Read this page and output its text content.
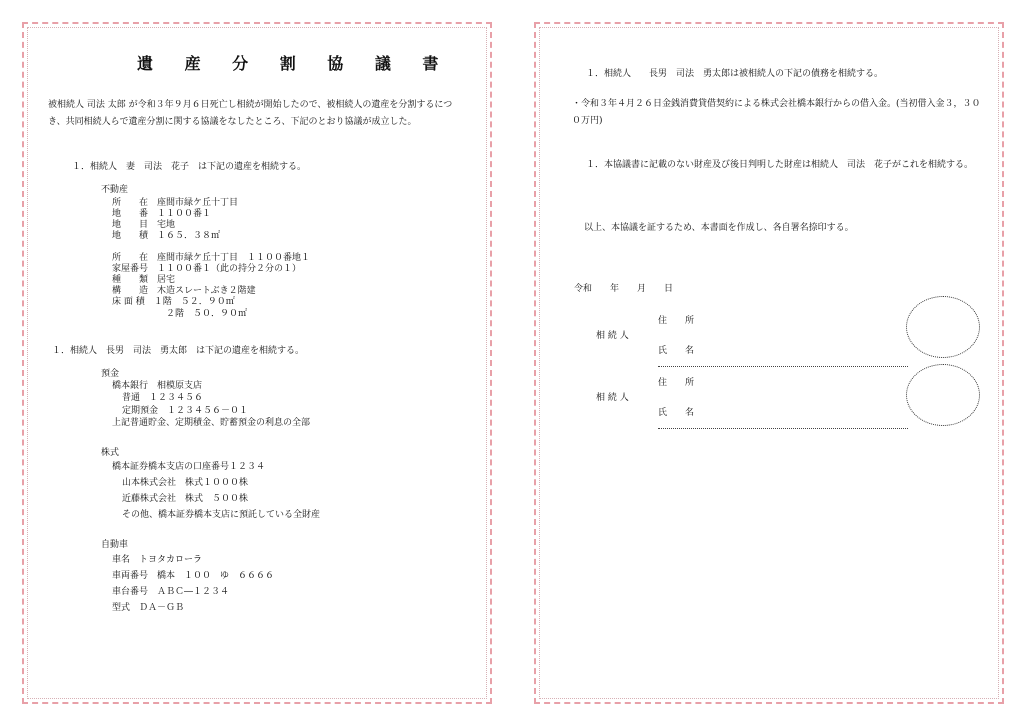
遺 産 分 割 協 議 書
被相続人 司法 太郎 が令和３年９月６日死亡し相続が開始したので、被相続人の遺産を分割するにつき、共同相続人らで遺産分割に関する協議をなしたところ、下記のとおり協議が成立した。
１．相続人　妻　司法　花子　は下記の遺産を相続する。
不動産
所　　在　座間市緑ケ丘十丁目
地　　番　１１００番１
地　　目　宅地
地　　積　１６５．３８㎡
所　　在　座間市緑ケ丘十丁目　１１００番地１
家屋番号　１１００番１（此の持分２分の１）
種　　類　居宅
構　　造　木造スレートぶき２階建
床 面 積　１階　５２．９０㎡
２階　５０．９０㎡
１．相続人　長男　司法　勇太郎　は下記の遺産を相続する。
預金
橋本銀行　相模原支店
普通　１２３４５６
定期預金　１２３４５６－０１
上記普通貯金、定期積金、貯蓄預金の利息の全部
株式
橋本証券橋本支店の口座番号１２３４
山本株式会社　株式１０００株
近藤株式会社　株式　５００株
その他、橋本証券橋本支店に預託している全財産
自動車
車名　トヨタカローラ
車両番号　橋本　１００　ゆ　６６６６
車台番号　ＡＢＣ―１２３４
型式　ＤＡ－ＧＢ
１．相続人　　長男　司法　勇太郎は被相続人の下記の債務を相続する。
・令和３年４月２６日金銭消費貸借契約による株式会社橋本銀行からの借入金。(当初借入金３，３００万円)
１．本協議書に記載のない財産及び後日判明した財産は相続人　司法　花子がこれを相続する。
以上、本協議を証するため、本書面を作成し、各自署名捺印する。
令和　　年　　月　　日
相 続 人
住　　所
氏　　名
相 続 人
住　　所
氏　　名
